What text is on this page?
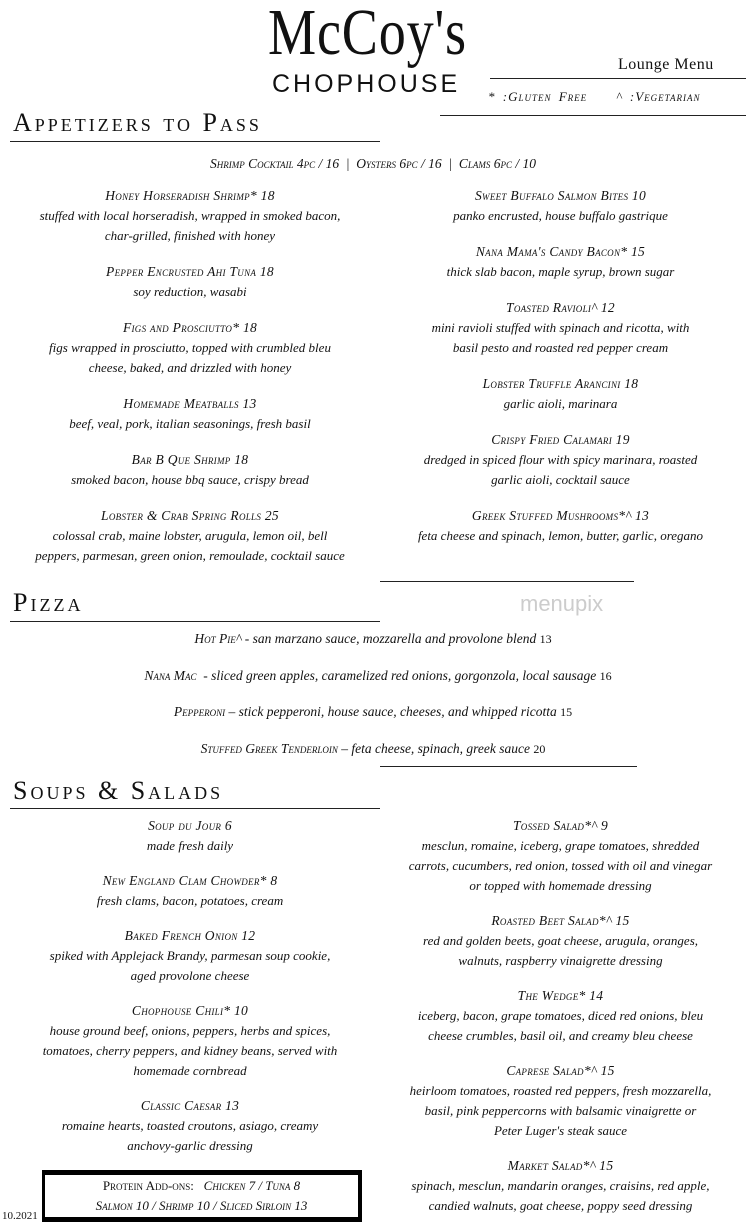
McCoy's
CHOPHOUSE
Lounge Menu
* :Gluten Free    ^ :Vegetarian
Appetizers to Pass
Shrimp Cocktail 4pc / 16  |  Oysters 6pc / 16  |  Clams 6pc / 10
Honey Horseradish Shrimp* 18
stuffed with local horseradish, wrapped in smoked bacon,
char-grilled, finished with honey
Pepper Encrusted Ahi Tuna 18
soy reduction, wasabi
Figs and Prosciutto* 18
figs wrapped in prosciutto, topped with crumbled bleu
cheese, baked, and drizzled with honey
Homemade Meatballs 13
beef, veal, pork, italian seasonings, fresh basil
Bar B Que Shrimp 18
smoked bacon, house bbq sauce, crispy bread
Lobster & Crab Spring Rolls 25
colossal crab, maine lobster, arugula, lemon oil, bell
peppers, parmesan, green onion, remoulade, cocktail sauce
Sweet Buffalo Salmon Bites 10
panko encrusted, house buffalo gastrique
Nana Mama's Candy Bacon* 15
thick slab bacon, maple syrup, brown sugar
Toasted Ravioli^ 12
mini ravioli stuffed with spinach and ricotta, with
basil pesto and roasted red pepper cream
Lobster Truffle Arancini 18
garlic aioli, marinara
Crispy Fried Calamari 19
dredged in spiced flour with spicy marinara, roasted
garlic aioli, cocktail sauce
Greek Stuffed Mushrooms*^ 13
feta cheese and spinach, lemon, butter, garlic, oregano
Pizza	menupix
Hot Pie^ - san marzano sauce, mozzarella and provolone blend 13
Nana Mac  - sliced green apples, caramelized red onions, gorgonzola, local sausage 16
Pepperoni – stick pepperoni, house sauce, cheeses, and whipped ricotta 15
Stuffed Greek Tenderloin – feta cheese, spinach, greek sauce 20
Soups & Salads
Soup du Jour 6
made fresh daily
New England Clam Chowder* 8
fresh clams, bacon, potatoes, cream
Baked French Onion 12
spiked with Applejack Brandy, parmesan soup cookie,
aged provolone cheese
Chophouse Chili* 10
house ground beef, onions, peppers, herbs and spices,
tomatoes, cherry peppers, and kidney beans, served with
homemade cornbread
Classic Caesar 13
romaine hearts, toasted croutons, asiago, creamy
anchovy-garlic dressing
Tossed Salad*^ 9
mesclun, romaine, iceberg, grape tomatoes, shredded
carrots, cucumbers, red onion, tossed with oil and vinegar
or topped with homemade dressing
Roasted Beet Salad*^ 15
red and golden beets, goat cheese, arugula, oranges,
walnuts, raspberry vinaigrette dressing
The Wedge* 14
iceberg, bacon, grape tomatoes, diced red onions, bleu
cheese crumbles, basil oil, and creamy bleu cheese
Caprese Salad*^ 15
heirloom tomatoes, roasted red peppers, fresh mozzarella,
basil, pink peppercorns with balsamic vinaigrette or
Peter Luger's steak sauce
Market Salad*^ 15
spinach, mesclun, mandarin oranges, craisins, red apple,
candied walnuts, goat cheese, poppy seed dressing
Protein Add-ons: Chicken 7 / Tuna 8
Salmon 10 / Shrimp 10 / Sliced Sirloin 13
10.2021
